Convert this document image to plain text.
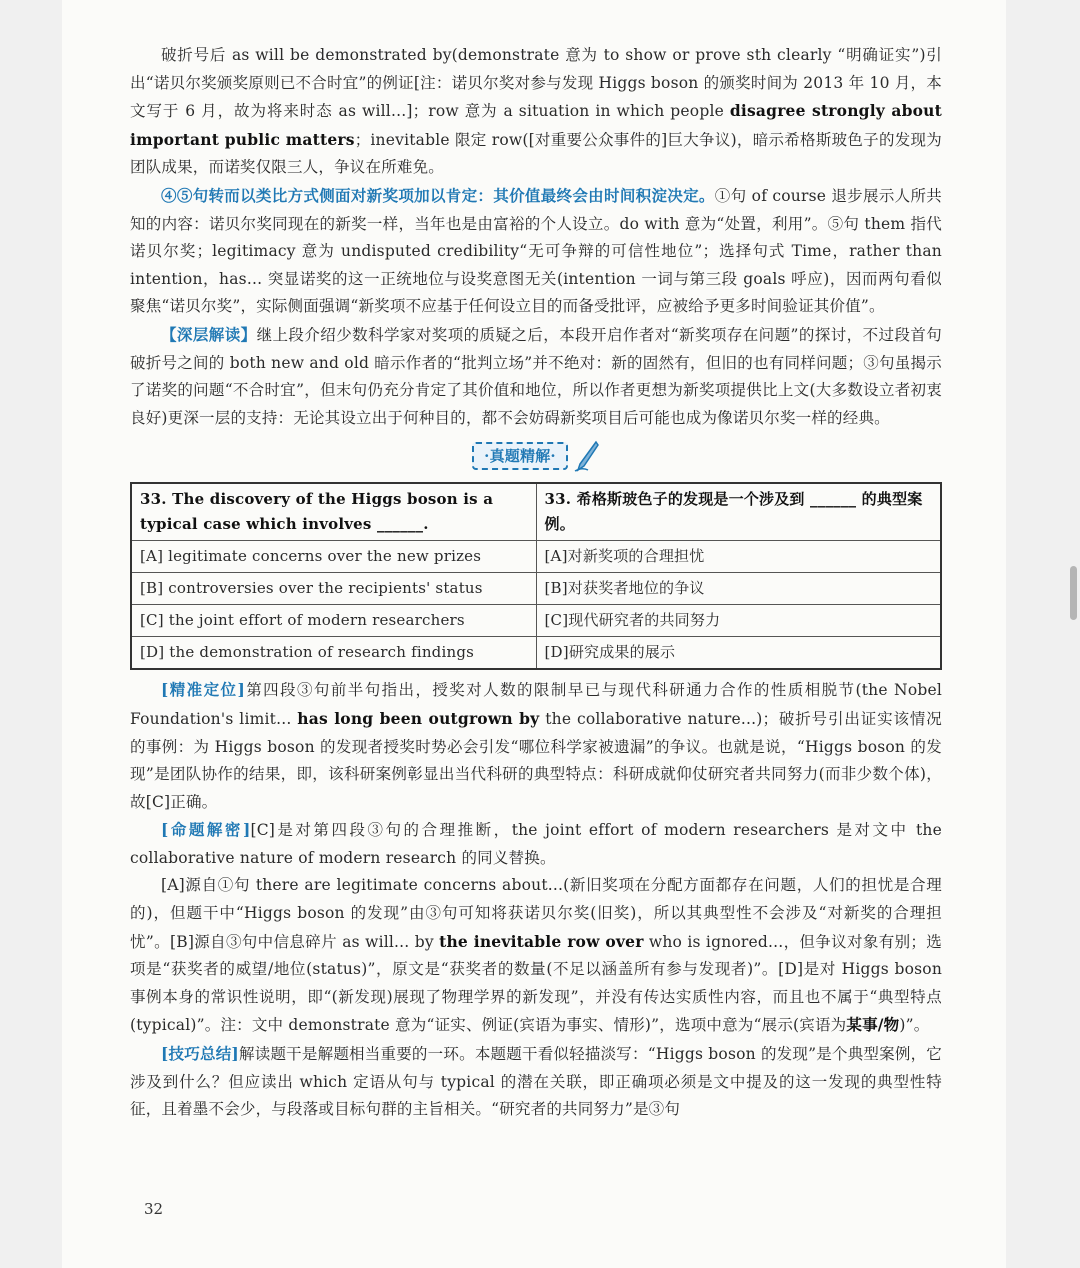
破折号后 as will be demonstrated by(demonstrate 意为 to show or prove sth clearly “明确证实”)引出“诺贝尔奖颁奖原则已不合时宜”的例证[注：诺贝尔奖对参与发现 Higgs boson 的颁奖时间为 2013 年 10 月，本文写于 6 月，故为将来时态 as will...]；row 意为 a situation in which people disagree strongly about important public matters；inevitable 限定 row([对重要公众事件的]巨大争议)，暗示希格斯玻色子的发现为团队成果，而诺奖仅限三人，争议在所难免。

④⑤句转而以类比方式侧面对新奖项加以肯定：其价值最终会由时间积淀决定。①句 of course 退步展示人所共知的内容：诺贝尔奖同现在的新奖一样，当年也是由富裕的个人设立。do with 意为“处置，利用”。⑤句 them 指代诺贝尔奖；legitimacy 意为 undisputed credibility“无可争辩的可信性地位”；选择句式 Time，rather than intention，has... 突显诺奖的这一正统地位与设奖意图无关(intention 一词与第三段 goals 呼应)，因而两句看似聚焦“诺贝尔奖”，实际侧面强调“新奖项不应基于任何设立目的而备受批评，应被给予更多时间验证其价值”。

【深层解读】继上段介绍少数科学家对奖项的质疑之后，本段开启作者对“新奖项存在问题”的探讨，不过段首句破折号之间的 both new and old 暗示作者的“批判立场”并不绝对：新的固然有，但旧的也有同样问题；③句虽揭示了诺奖的问题“不合时宜”，但末句仍充分肯定了其价值和地位，所以作者更想为新奖项提供比上文(大多数设立者初衷良好)更深一层的支持：无论其设立出于何种目的，都不会妨碍新奖项目后可能也成为像诺贝尔奖一样的经典。

·真题精解·
33. The discovery of the Higgs boson is a typical case which involves ______.	33. 希格斯玻色子的发现是一个涉及到 ______ 的典型案例。
[A] legitimate concerns over the new prizes	[A]对新奖项的合理担忧
[B] controversies over the recipients' status	[B]对获奖者地位的争议
[C] the joint effort of modern researchers	[C]现代研究者的共同努力
[D] the demonstration of research findings	[D]研究成果的展示

[精准定位]第四段③句前半句指出，授奖对人数的限制早已与现代科研通力合作的性质相脱节(the Nobel Foundation's limit... has long been outgrown by the collaborative nature...)；破折号引出证实该情况的事例：为 Higgs boson 的发现者授奖时势必会引发“哪位科学家被遗漏”的争议。也就是说，“Higgs boson 的发现”是团队协作的结果，即，该科研案例彰显出当代科研的典型特点：科研成就仰仗研究者共同努力(而非少数个体)，故[C]正确。

[命题解密][C]是对第四段③句的合理推断，the joint effort of modern researchers 是对文中 the collaborative nature of modern research 的同义替换。

[A]源自①句 there are legitimate concerns about...(新旧奖项在分配方面都存在问题，人们的担忧是合理的)，但题干中“Higgs boson 的发现”由③句可知将获诺贝尔奖(旧奖)，所以其典型性不会涉及“对新奖的合理担忧”。[B]源自③句中信息碎片 as will... by the inevitable row over who is ignored...，但争议对象有别；选项是“获奖者的威望/地位(status)”，原文是“获奖者的数量(不足以涵盖所有参与发现者)”。[D]是对 Higgs boson 事例本身的常识性说明，即“(新发现)展现了物理学界的新发现”，并没有传达实质性内容，而且也不属于“典型特点(typical)”。注：文中 demonstrate 意为“证实、例证(宾语为事实、情形)”，选项中意为“展示(宾语为某事/物)”。

[技巧总结]解读题干是解题相当重要的一环。本题题干看似轻描淡写：“Higgs boson 的发现”是个典型案例，它涉及到什么？但应读出 which 定语从句与 typical 的潜在关联，即正确项必须是文中提及的这一发现的典型性特征，且着墨不会少，与段落或目标句群的主旨相关。“研究者的共同努力”是③句

32
